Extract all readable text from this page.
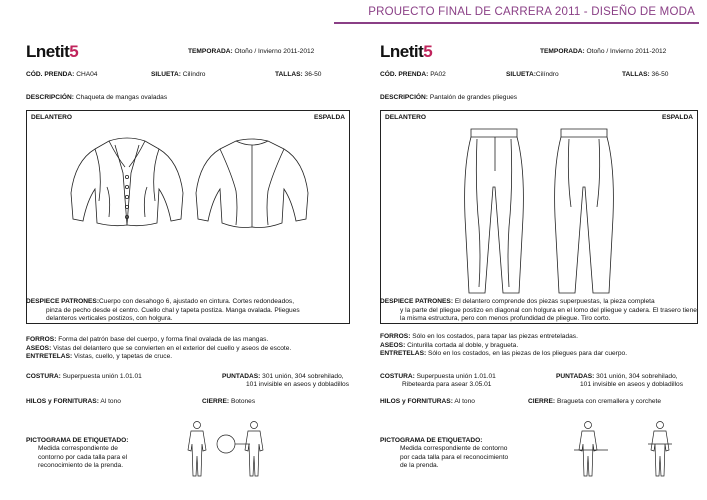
PROUECTO FINAL DE CARRERA 2011 - DISEÑO DE MODA
Lnetit5	TEMPORADA: Otoño / Invierno 2011-2012
CÓD. PRENDA: CHA04	SILUETA: Cilíndro	TALLAS: 36-50
DESCRIPCIÓN: Chaqueta de mangas ovaladas
DELANTERO	ESPALDA
DESPIECE PATRONES:Cuerpo con desahogo 6, ajustado en cintura. Cortes redondeados,
pinza de pecho desde el centro. Cuello chal y tapeta postiza. Manga ovalada. Pliegues delanteros verticales postizos, con holgura.
FORROS: Forma del patrón base del cuerpo, y forma final ovalada de las mangas.
ASEOS: Vistas del delantero que se convierten en el exterior del cuello y aseos de escote.
ENTRETELAS: Vistas, cuello, y tapetas de cruce.
COSTURA: Superpuesta unión 1.01.01	PUNTADAS: 301 unión, 304 sobrehilado,
101 invisible en aseos y dobladillos
HILOS y FORNITURAS: Al tono	CIERRE: Botones
PICTOGRAMA DE ETIQUETADO:
Medida correspondiente de contorno por cada talla para el reconocimiento de la prenda.
Lnetit5	TEMPORADA: Otoño / Invierno 2011-2012
CÓD. PRENDA: PA02	SILUETA:Cilíndro	TALLAS: 36-50
DESCRIPCIÓN: Pantalón de grandes pliegues
DELANTERO	ESPALDA
DESPIECE PATRONES: El delantero comprende dos piezas superpuestas, la pieza completa
y la parte del pliegue postizo en diagonal con holgura en el lomo del pliegue y cadera. El trasero tiene la misma estructura, pero con menos profundidad de pliegue. Tiro corto.
FORROS: Sólo en los costados, para tapar las piezas entreteladas.
ASEOS: Cinturilla cortada al doble, y bragueta.
ENTRETELAS: Sólo en los costados, en las piezas de los pliegues para dar cuerpo.
COSTURA: Superpuesta unión 1.01.01
Ribetearda para asear 3.05.01
PUNTADAS: 301 unión, 304 sobrehilado,
101 invisible en aseos y dobladillos
HILOS y FORNITURAS: Al tono	CIERRE: Bragueta con cremallera y corchete
PICTOGRAMA DE ETIQUETADO:
Medida correspondiente de contorno por cada talla para el reconocimiento de la prenda.
